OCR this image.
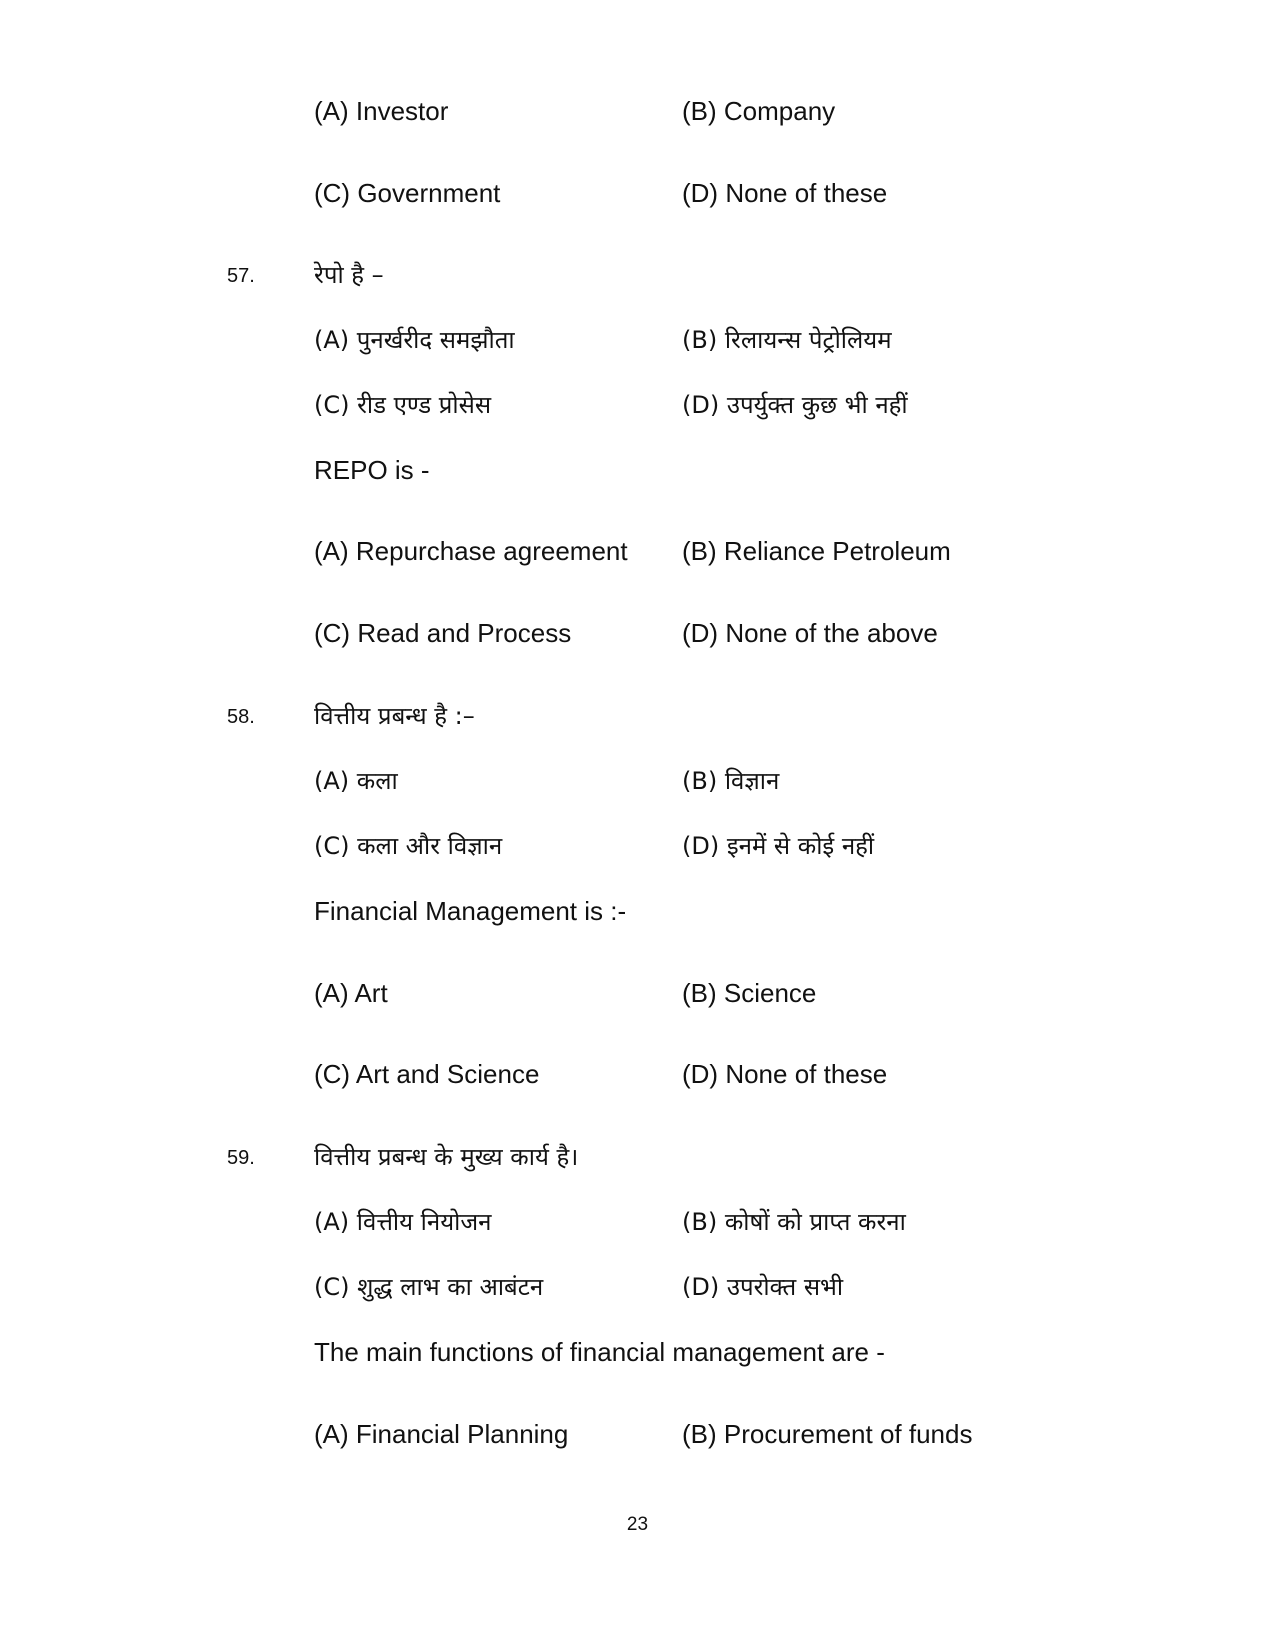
(A) Investor	(B) Company
(C) Government	(D) None of these
57. रेपो है –
(A) पुनर्खरीद समझौता	(B) रिलायन्स पेट्रोलियम
(C) रीड एण्ड प्रोसेस	(D) उपर्युक्त कुछ भी नहीं
REPO is -
(A) Repurchase agreement (B) Reliance Petroleum
(C) Read and Process	(D) None of the above
58. वित्तीय प्रबन्ध है :–
(A) कला	(B) विज्ञान
(C) कला और विज्ञान	(D) इनमें से कोई नहीं
Financial Management is :-
(A) Art	(B) Science
(C) Art and Science	(D) None of these
59. वित्तीय प्रबन्ध के मुख्य कार्य है।
(A) वित्तीय नियोजन	(B) कोषों को प्राप्त करना
(C) शुद्ध लाभ का आबंटन	(D) उपरोक्त सभी
The main functions of financial management are -
(A) Financial Planning	(B) Procurement of funds
23
